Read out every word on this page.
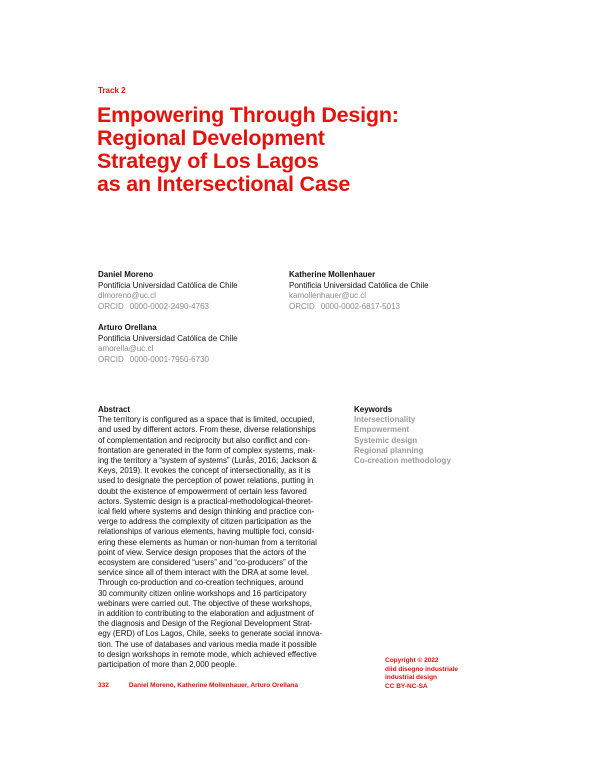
Track 2
Empowering Through Design:
Regional Development
Strategy of Los Lagos
as an Intersectional Case
Daniel Moreno
Pontificia Universidad Católica de Chile
dlmoreno@uc.cl
ORCID 0000-0002-2490-4763
Katherine Mollenhauer
Pontificia Universidad Católica de Chile
kamollenhauer@uc.cl
ORCID 0000-0002-6817-5013
Arturo Orellana
Pontificia Universidad Católica de Chile
amorella@uc.cl
ORCID 0000-0001-7950-6730
Abstract
The territory is configured as a space that is limited, occupied,
and used by different actors. From these, diverse relationships
of complementation and reciprocity but also conflict and con-
frontation are generated in the form of complex systems, mak-
ing the territory a “system of systems” (Lurås, 2016; Jackson &
Keys, 2019). It evokes the concept of intersectionality, as it is
used to designate the perception of power relations, putting in
doubt the existence of empowerment of certain less favored
actors. Systemic design is a practical-methodological-theoret-
ical field where systems and design thinking and practice con-
verge to address the complexity of citizen participation as the
relationships of various elements, having multiple foci, consid-
ering these elements as human or non-human from a territorial
point of view. Service design proposes that the actors of the
ecosystem are considered “users” and “co-producers” of the
service since all of them interact with the DRA at some level.
Through co-production and co-creation techniques, around
30 community citizen online workshops and 16 participatory
webinars were carried out. The objective of these workshops,
in addition to contributing to the elaboration and adjustment of
the diagnosis and Design of the Regional Development Strat-
egy (ERD) of Los Lagos, Chile, seeks to generate social innova-
tion. The use of databases and various media made it possible
to design workshops in remote mode, which achieved effective
participation of more than 2,000 people.
Keywords
Intersectionality
Empowerment
Systemic design
Regional planning
Co-creation methodology
Copyright © 2022
diid disegno industriale
industrial design
CC BY-NC-SA
332	Daniel Moreno, Katherine Mollenhauer, Arturo Orellana
